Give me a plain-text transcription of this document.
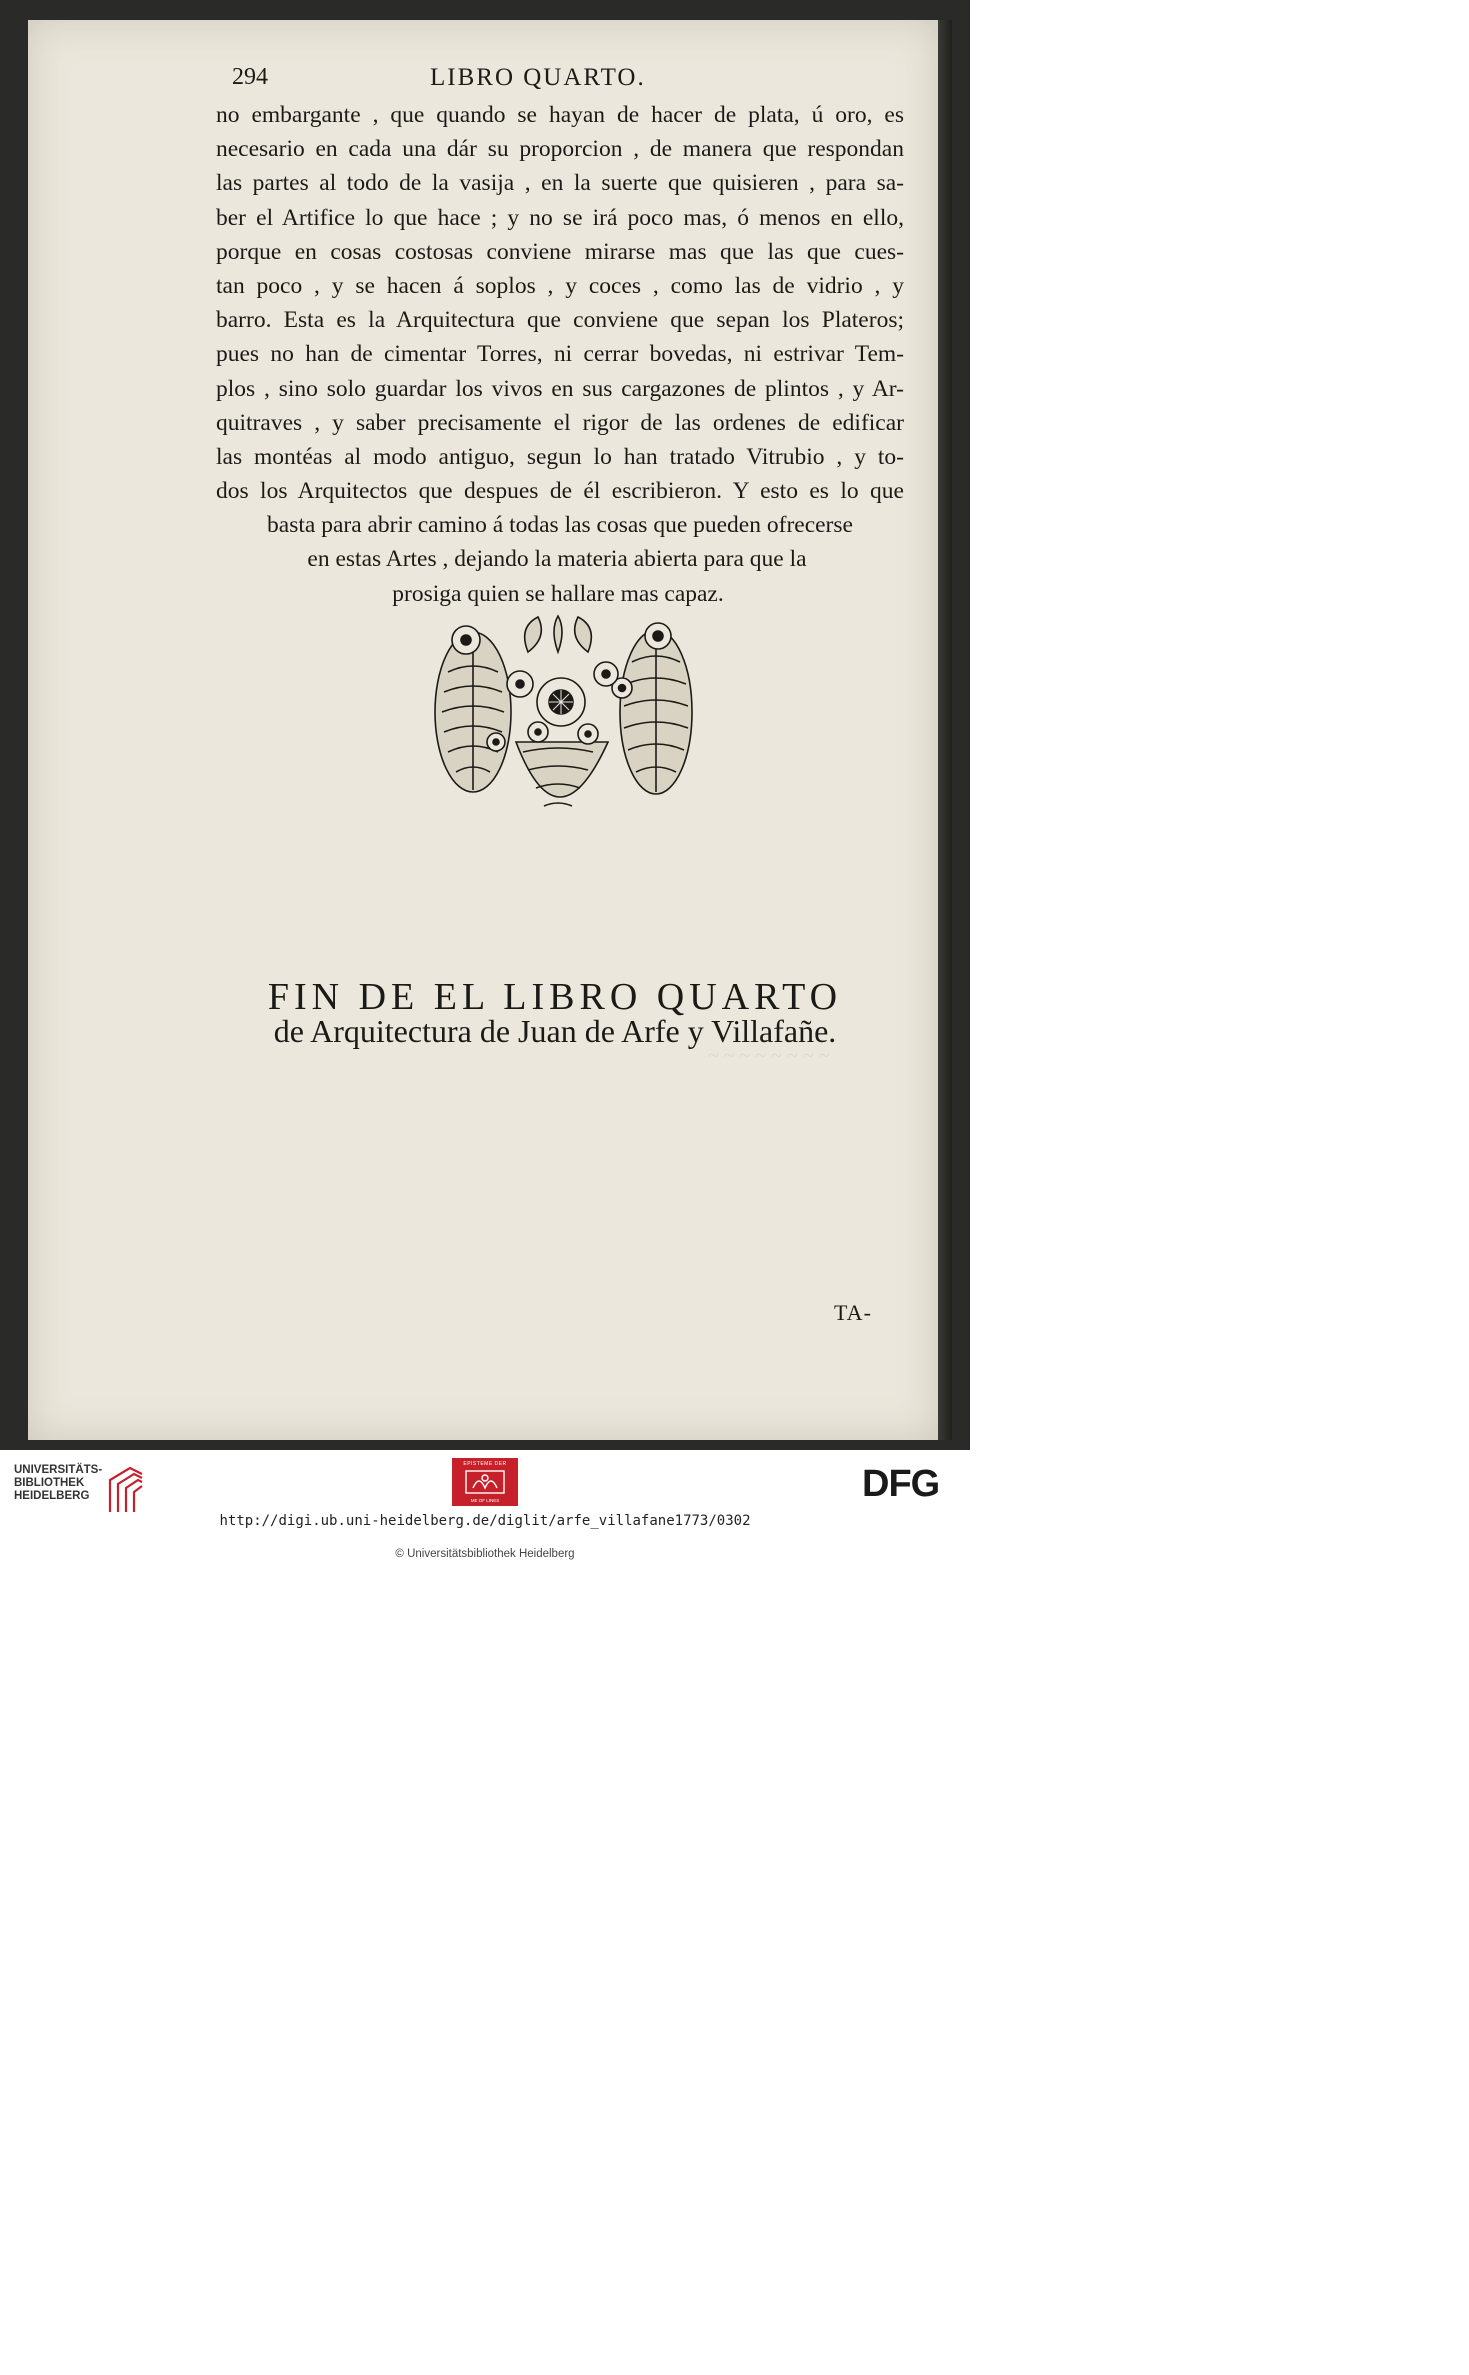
~ ~ ~ ~ ~ ~ ~ ~
294	LIBRO QUARTO.
no embargante , que quando se hayan de hacer de plata, ú oro, es
necesario en cada una dár su proporcion , de manera que respondan
las partes al todo de la vasija , en la suerte que quisieren , para sa-
ber el Artifice lo que hace ; y no se irá poco mas, ó menos en ello,
porque en cosas costosas conviene mirarse mas que las que cues-
tan poco , y se hacen á soplos , y coces , como las de vidrio , y
barro. Esta es la Arquitectura que conviene que sepan los Plateros;
pues no han de cimentar Torres, ni cerrar bovedas, ni estrivar Tem-
plos , sino solo guardar los vivos en sus cargazones de plintos , y Ar-
quitraves , y saber precisamente el rigor de las ordenes de edificar
las montéas al modo antiguo, segun lo han tratado Vitrubio , y to-
dos los Arquitectos que despues de él escribieron. Y esto es lo que
basta para abrir camino á todas las cosas que pueden ofrecerse
en estas Artes , dejando la materia abierta para que la
prosiga quien se hallare mas capaz.
FIN DE EL LIBRO QUARTO
de Arquitectura de Juan de Arfe y Villafañe.
TA-
UNIVERSITÄTS-
BIBLIOTHEK
HEIDELBERG
EPISTEME DER
ME OF LINES	DFG
http://digi.ub.uni-heidelberg.de/diglit/arfe_villafane1773/0302
© Universitätsbibliothek Heidelberg
